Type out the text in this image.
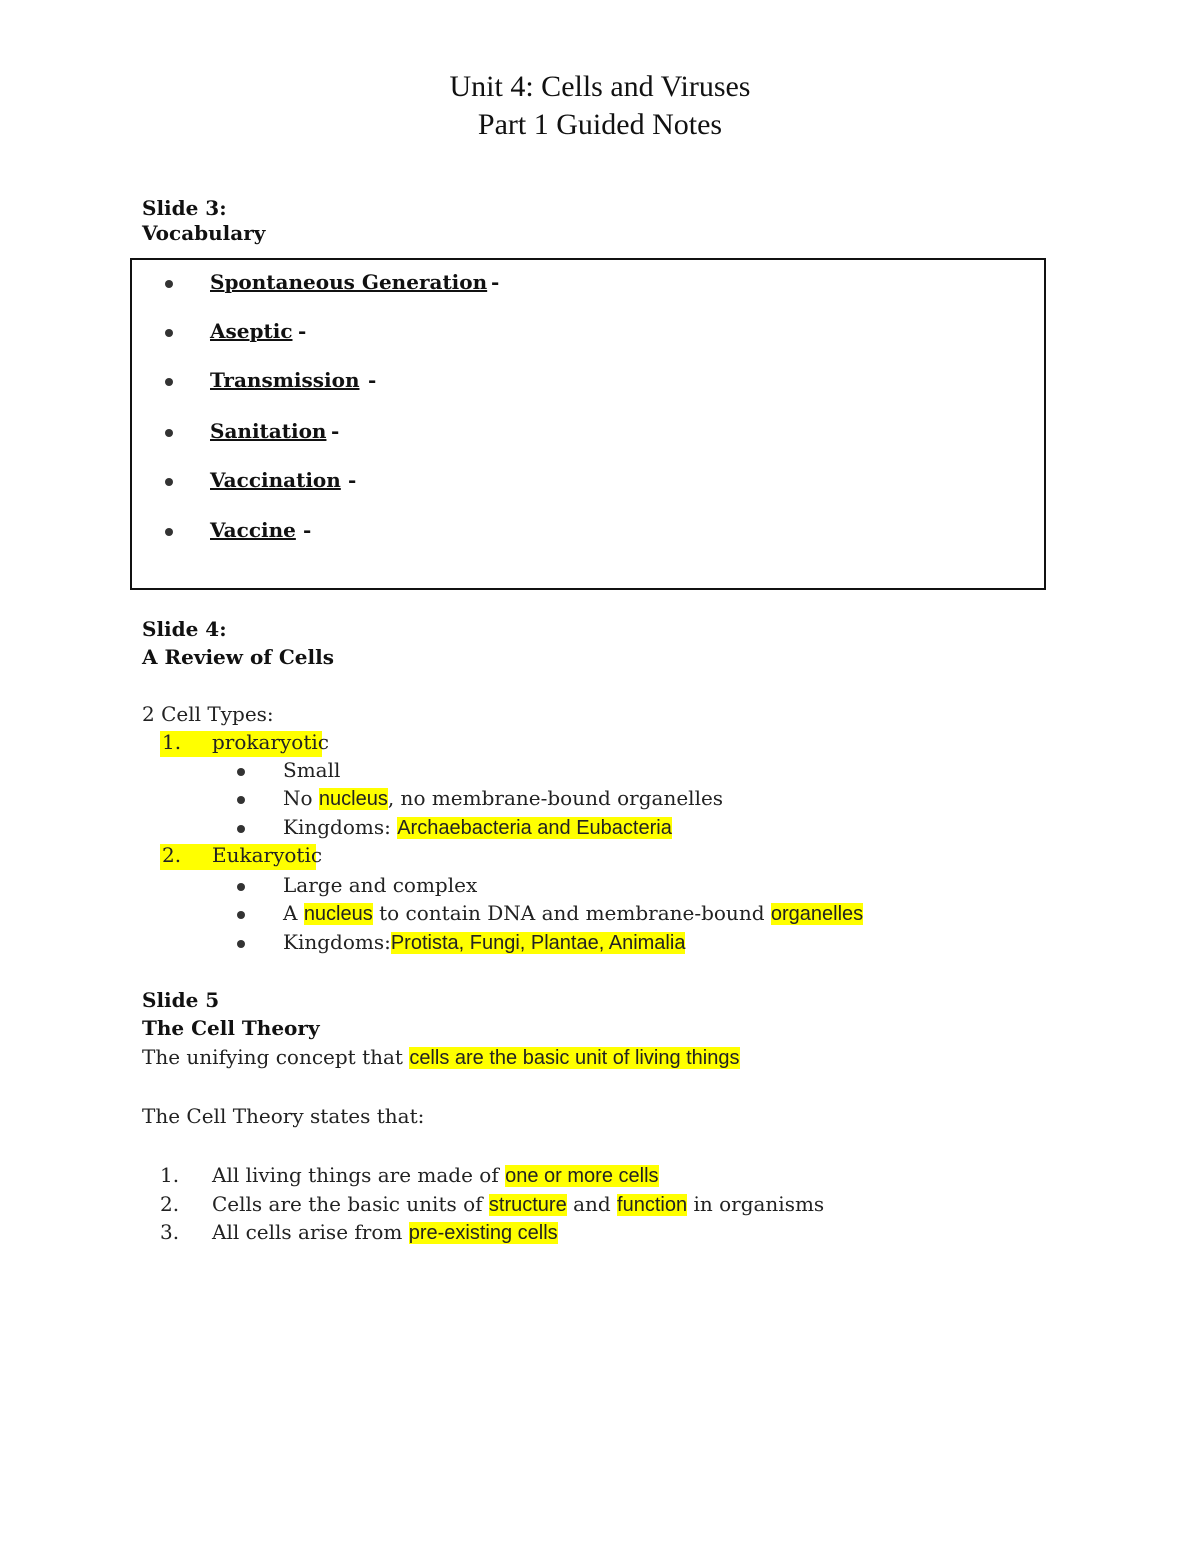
Unit 4: Cells and Viruses
Part 1 Guided Notes
Slide 3:
Vocabulary
Spontaneous Generation -
Aseptic -
Transmission -
Sanitation -
Vaccination -
Vaccine -
Slide 4:
A Review of Cells
2 Cell Types:
1. prokaryotic
Small
No nucleus, no membrane-bound organelles
Kingdoms: Archaebacteria and Eubacteria
2. Eukaryotic
Large and complex
A nucleus to contain DNA and membrane-bound organelles
Kingdoms:Protista, Fungi, Plantae, Animalia
Slide 5
The Cell Theory
The unifying concept that cells are the basic unit of living things
The Cell Theory states that:
1. All living things are made of one or more cells
2. Cells are the basic units of structure and function in organisms
3. All cells arise from pre-existing cells
